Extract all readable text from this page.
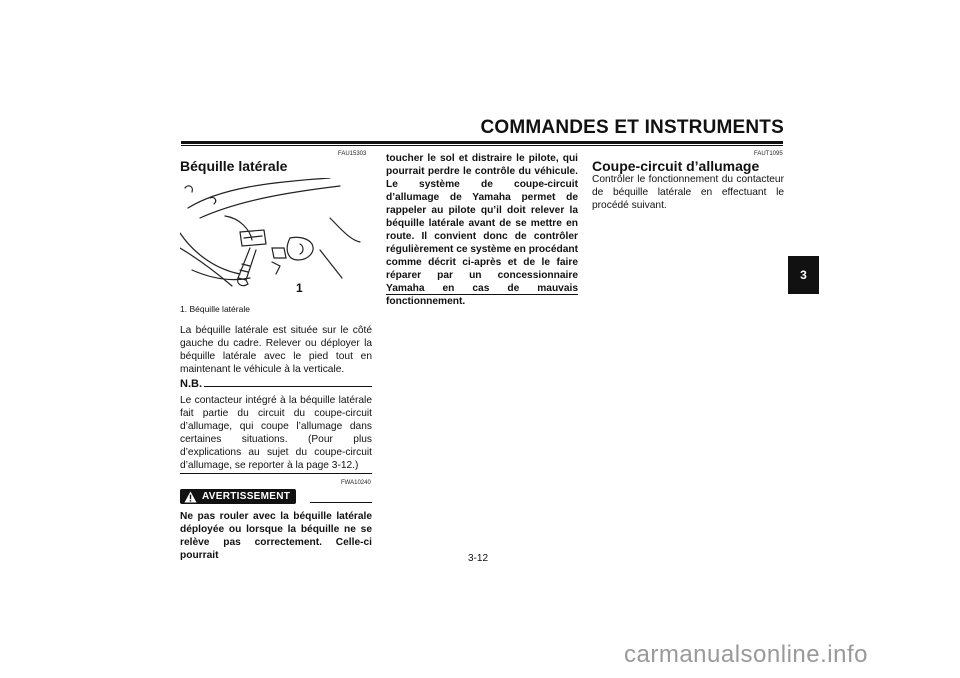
COMMANDES ET INSTRUMENTS
3
FAU15303
Béquille latérale
1
1. Béquille latérale
La béquille latérale est située sur le côté gauche du cadre. Relever ou déployer la béquille latérale avec le pied tout en maintenant le véhicule à la verticale.
N.B.
Le contacteur intégré à la béquille latérale fait partie du circuit du coupe-circuit d’allumage, qui coupe l’allumage dans certaines situations. (Pour plus d’explications au sujet du coupe-circuit d’allumage, se reporter à la page 3-12.)
FWA10240
AVERTISSEMENT
Ne pas rouler avec la béquille latérale déployée ou lorsque la béquille ne se relève pas correctement. Celle-ci pourrait
toucher le sol et distraire le pilote, qui pourrait perdre le contrôle du véhicule. Le système de coupe-circuit d’allumage de Yamaha permet de rappeler au pilote qu’il doit relever la béquille latérale avant de se mettre en route. Il convient donc de contrôler régulièrement ce système en procédant comme décrit ci-après et de le faire réparer par un concessionnaire Yamaha en cas de mauvais fonctionnement.
FAUT1095
Coupe-circuit d’allumage
Contrôler le fonctionnement du contacteur de béquille latérale en effectuant le procédé suivant.
3-12
carmanualsonline.info
